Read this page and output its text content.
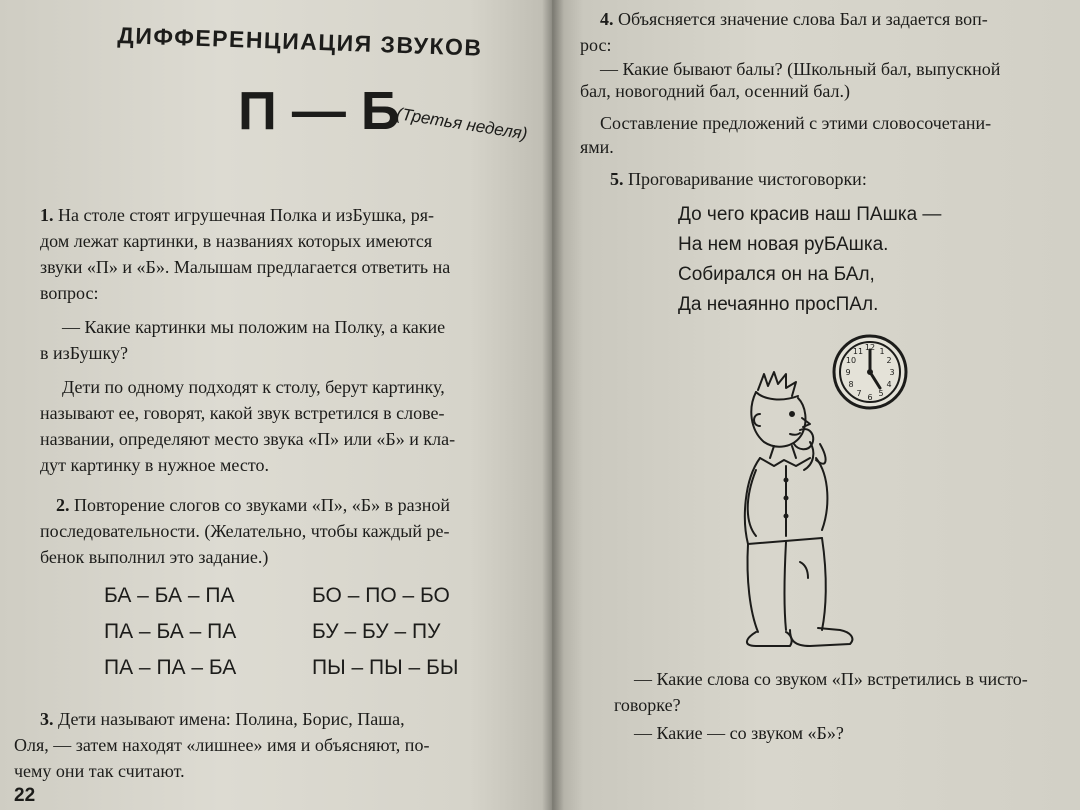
ДИФФЕРЕНЦИАЦИЯ ЗВУКОВ
П — Б
(Третья неделя)
1. На столе стоят игрушечная Полка и изБушка, ря-
дом лежат картинки, в названиях которых имеются
звуки «П» и «Б». Малышам предлагается ответить на
вопрос:
— Какие картинки мы положим на Полку, а какие
в изБушку?
Дети по одному подходят к столу, берут картинку,
называют ее, говорят, какой звук встретился в слове-
названии, определяют место звука «П» или «Б» и кла-
дут картинку в нужное место.
2. Повторение слогов со звуками «П», «Б» в разной
последовательности. (Желательно, чтобы каждый ре-
бенок выполнил это задание.)
БА – БА – ПА
ПА – БА – ПА
ПА – ПА – БА
БО – ПО – БО
БУ – БУ – ПУ
ПЫ – ПЫ – БЫ
3. Дети называют имена: Полина, Борис, Паша,
Оля, — затем находят «лишнее» имя и объясняют, по-
чему они так считают.
22
4. Объясняется значение слова Бал и задается воп-
рос:
— Какие бывают балы? (Школьный бал, выпускной
бал, новогодний бал, осенний бал.)
Составление предложений с этими словосочетани-
ями.
5. Проговаривание чистоговорки:
До чего красив наш ПАшка —
На нем новая руБАшка.
Собирался он на БАл,
Да нечаянно просПАл.
12
3
6
9
1
2
4
5
7
8
10
11
— Какие слова со звуком «П» встретились в чисто-
говорке?
— Какие — со звуком «Б»?
